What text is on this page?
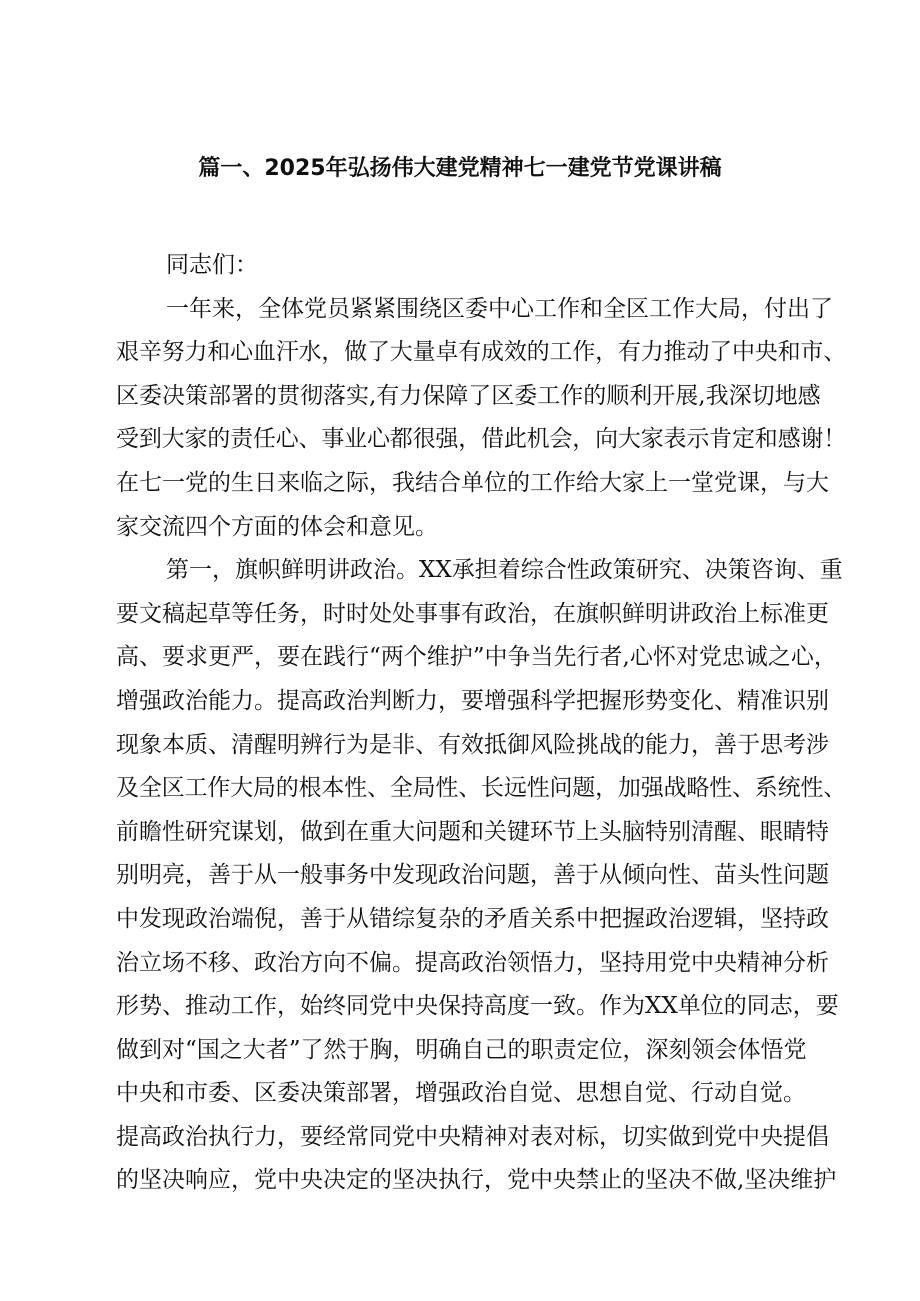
篇一、2025年弘扬伟大建党精神七一建党节党课讲稿
同志们：
一年来，全体党员紧紧围绕区委中心工作和全区工作大局，付出了
艰辛努力和心血汗水，做了大量卓有成效的工作，有力推动了中央和市、
区委决策部署的贯彻落实,有力保障了区委工作的顺利开展,我深切地感
受到大家的责任心、事业心都很强，借此机会，向大家表示肯定和感谢！
在七一党的生日来临之际，我结合单位的工作给大家上一堂党课，与大
家交流四个方面的体会和意见。
第一，旗帜鲜明讲政治。XX承担着综合性政策研究、决策咨询、重
要文稿起草等任务，时时处处事事有政治，在旗帜鲜明讲政治上标准更
高、要求更严，要在践行“两个维护”中争当先行者,心怀对党忠诚之心，
增强政治能力。提高政治判断力，要增强科学把握形势变化、精准识别
现象本质、清醒明辨行为是非、有效抵御风险挑战的能力，善于思考涉
及全区工作大局的根本性、全局性、长远性问题，加强战略性、系统性、
前瞻性研究谋划，做到在重大问题和关键环节上头脑特别清醒、眼睛特
别明亮，善于从一般事务中发现政治问题，善于从倾向性、苗头性问题
中发现政治端倪，善于从错综复杂的矛盾关系中把握政治逻辑，坚持政
治立场不移、政治方向不偏。提高政治领悟力，坚持用党中央精神分析
形势、推动工作，始终同党中央保持高度一致。作为XX单位的同志，要
做到对“国之大者”了然于胸，明确自己的职责定位，深刻领会体悟党
中央和市委、区委决策部署，增强政治自觉、思想自觉、行动自觉。
提高政治执行力，要经常同党中央精神对表对标，切实做到党中央提倡
的坚决响应，党中央决定的坚决执行，党中央禁止的坚决不做,坚决维护
